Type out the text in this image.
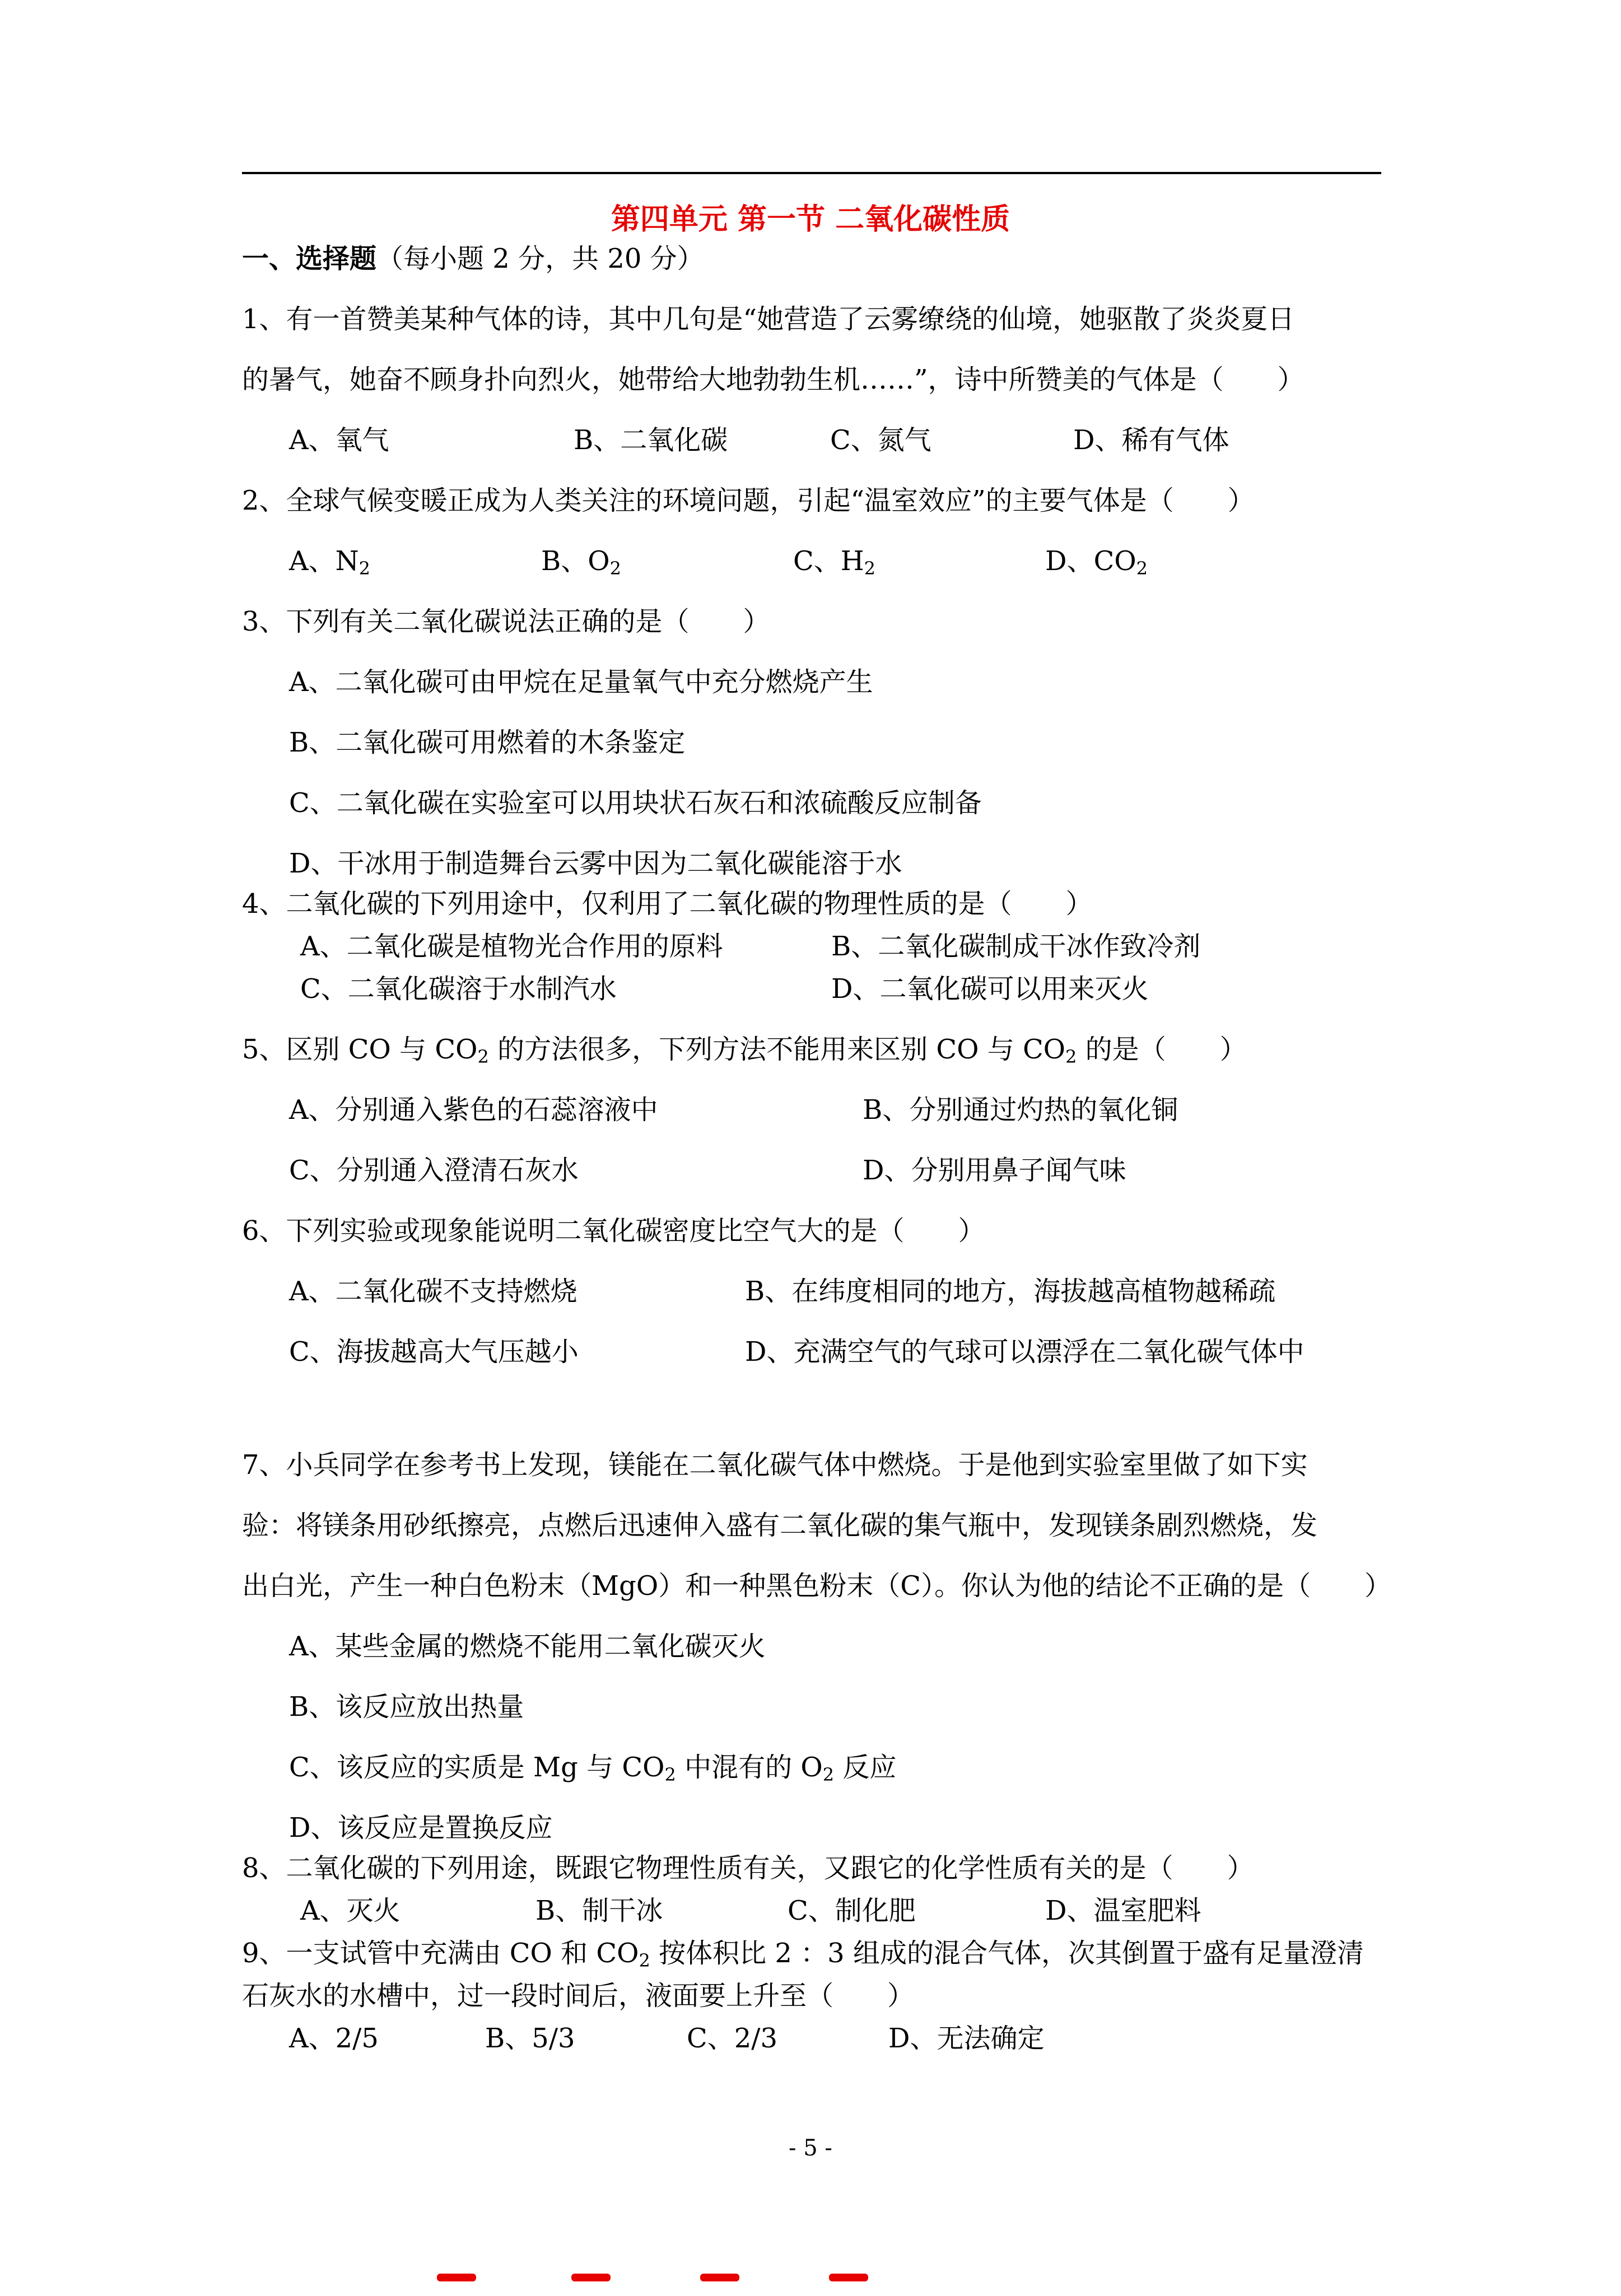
第四单元 第一节 二氧化碳性质
一、选择题（每小题 2 分，共 20 分）
1、有一首赞美某种气体的诗，其中几句是“她营造了云雾缭绕的仙境，她驱散了炎炎夏日
的暑气，她奋不顾身扑向烈火，她带给大地勃勃生机……”，诗中所赞美的气体是（　　）
A、氧气	B、二氧化碳	C、氮气	D、稀有气体
2、全球气候变暖正成为人类关注的环境问题，引起“温室效应”的主要气体是（　　）
A、$N_2$	B、$O_2$	C、$H_2$	D、$CO_2$
3、下列有关二氧化碳说法正确的是（　　）
A、二氧化碳可由甲烷在足量氧气中充分燃烧产生
B、二氧化碳可用燃着的木条鉴定
C、二氧化碳在实验室可以用块状石灰石和浓硫酸反应制备
D、干冰用于制造舞台云雾中因为二氧化碳能溶于水
4、二氧化碳的下列用途中，仅利用了二氧化碳的物理性质的是（　　）
A、二氧化碳是植物光合作用的原料	B、二氧化碳制成干冰作致冷剂
C、二氧化碳溶于水制汽水	D、二氧化碳可以用来灭火
5、区别 CO 与 $CO_2$ 的方法很多，下列方法不能用来区别 CO 与 $CO_2$ 的是（　　）
A、分别通入紫色的石蕊溶液中	B、分别通过灼热的氧化铜
C、分别通入澄清石灰水	D、分别用鼻子闻气味
6、下列实验或现象能说明二氧化碳密度比空气大的是（　　）
A、二氧化碳不支持燃烧	B、在纬度相同的地方，海拔越高植物越稀疏
C、海拔越高大气压越小	D、充满空气的气球可以漂浮在二氧化碳气体中
7、小兵同学在参考书上发现，镁能在二氧化碳气体中燃烧。于是他到实验室里做了如下实
验：将镁条用砂纸擦亮，点燃后迅速伸入盛有二氧化碳的集气瓶中，发现镁条剧烈燃烧，发
出白光，产生一种白色粉末（MgO）和一种黑色粉末（C）。你认为他的结论不正确的是（　　）
A、某些金属的燃烧不能用二氧化碳灭火
B、该反应放出热量
C、该反应的实质是 Mg 与 $CO_2$ 中混有的 $O_2$ 反应
D、该反应是置换反应
8、二氧化碳的下列用途，既跟它物理性质有关，又跟它的化学性质有关的是（　　）
A、灭火	B、制干冰	C、制化肥	D、温室肥料
9、一支试管中充满由 CO 和 $CO_2$ 按体积比 2 ：3 组成的混合气体，次其倒置于盛有足量澄清
石灰水的水槽中，过一段时间后，液面要上升至（　　）
A、2/5	B、5/3	C、2/3	D、无法确定
- 5 -
